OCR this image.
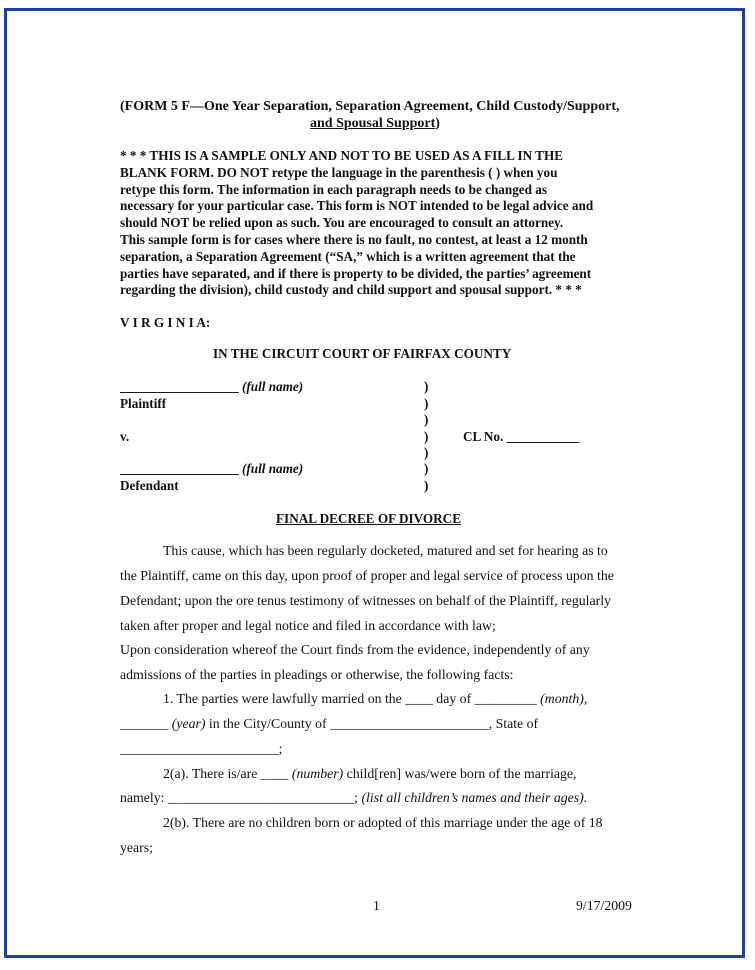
(FORM 5 F—One Year Separation, Separation Agreement, Child Custody/Support,
and Spousal Support)
* * * THIS IS A SAMPLE ONLY AND NOT TO BE USED AS A FILL IN THE
BLANK FORM. DO NOT retype the language in the parenthesis ( ) when you
retype this form. The information in each paragraph needs to be changed as
necessary for your particular case. This form is NOT intended to be legal advice and
should NOT be relied upon as such. You are encouraged to consult an attorney.
This sample form is for cases where there is no fault, no contest, at least a 12 month
separation, a Separation Agreement (“SA,” which is a written agreement that the
parties have separated, and if there is property to be divided, the parties’ agreement
regarding the division), child custody and child support and spousal support. * * *
V I R G I N I A:
IN THE CIRCUIT COURT OF FAIRFAX COUNTY
__________________ (full name)
Plaintiff
v.
__________________ (full name)
Defendant
)
)
)
)
)
)
)
CL No. ___________
FINAL DECREE OF DIVORCE
This cause, which has been regularly docketed, matured and set for hearing as to
the Plaintiff, came on this day, upon proof of proper and legal service of process upon the
Defendant; upon the ore tenus testimony of witnesses on behalf of the Plaintiff, regularly
taken after proper and legal notice and filed in accordance with law;
Upon consideration whereof the Court finds from the evidence, independently of any
admissions of the parties in pleadings or otherwise, the following facts:
1. The parties were lawfully married on the ____ day of _________ (month),
_______ (year) in the City/County of _______________________, State of
_______________________;
2(a). There is/are ____ (number) child[ren] was/were born of the marriage,
namely: ___________________________; (list all children’s names and their ages).
2(b). There are no children born or adopted of this marriage under the age of 18
years;
1	9/17/2009
